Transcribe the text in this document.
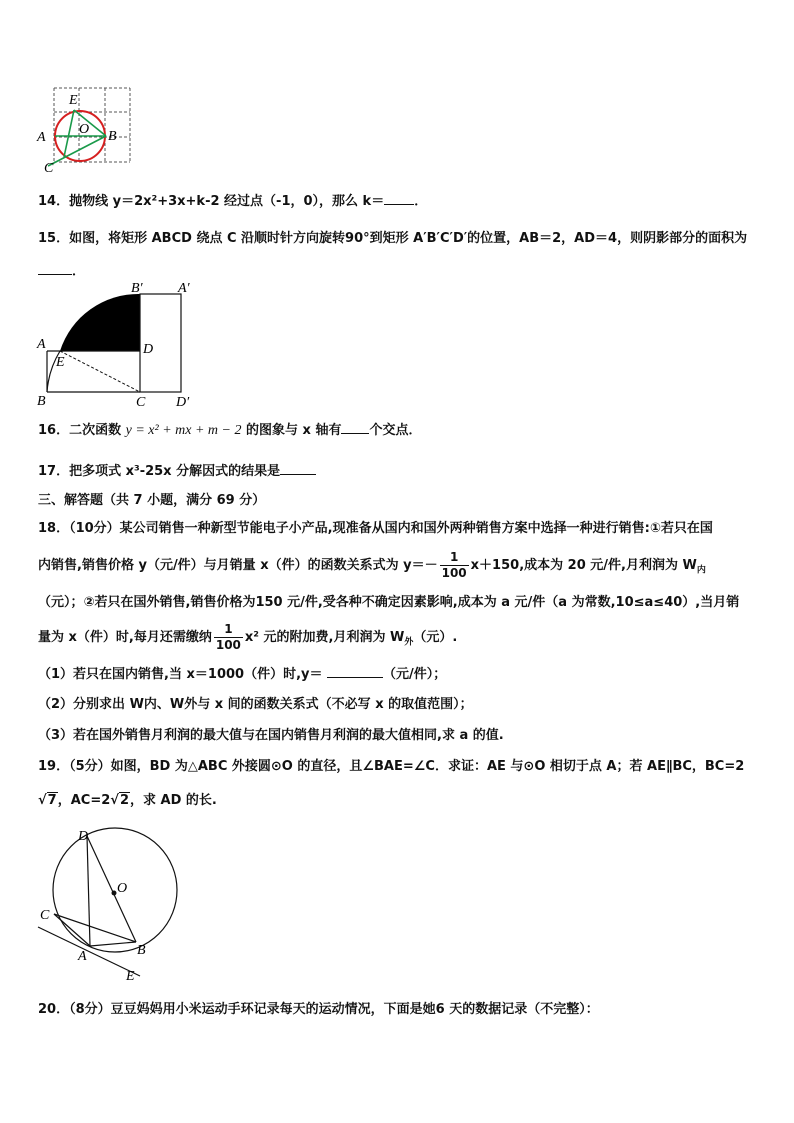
E
O B
A
C
14．抛物线 y＝2x²+3x+k-2 经过点（-1，0），那么 k＝ ．
15．如图，将矩形 ABCD 绕点 C 沿顺时针方向旋转90°到矩形 A′B′C′D′的位置，AB＝2，AD＝4，则阴影部分的面积为
．
B′	A′
A	D
E
B	C D′
16．二次函数 y = x² + mx + m − 2 的图象与 x 轴有 个交点．
17．把多项式 x³-25x 分解因式的结果是
三、解答题（共 7 小题，满分 69 分）
18．（10分）某公司销售一种新型节能电子小产品,现准备从国内和国外两种销售方案中选择一种进行销售:①若只在国
内销售,销售价格 y（元/件）与月销量 x（件）的函数关系式为 $y=- \frac{1}{100} x+150$,成本为 20 元/件,月利润为 $W_内$
（元）；②若只在国外销售,销售价格为150 元/件,受各种不确定因素影响,成本为 a 元/件（a 为常数,10≤a≤40）,当月销
量为 x（件）时,每月还需缴纳 $\frac{1}{100} x^2$ 元的附加费,月利润为 $W_外$（元）.
（1）若只在国内销售,当 x＝1000（件）时,y＝	（元/件）；
（2）分别求出 W内、W外与 x 间的函数关系式（不必写 x 的取值范围）；
（3）若在国外销售月利润的最大值与在国内销售月利润的最大值相同,求 a 的值.
19．（5分）如图，BD 为△ABC 外接圆⊙O 的直径，且∠BAE=∠C．求证：AE 与⊙O 相切于点 A；若 AE∥BC，BC=2
√7，AC=2√2，求 AD 的长.
D
O
C
B
A
E
20．（8分）豆豆妈妈用小米运动手环记录每天的运动情况，下面是她6 天的数据记录（不完整）：
